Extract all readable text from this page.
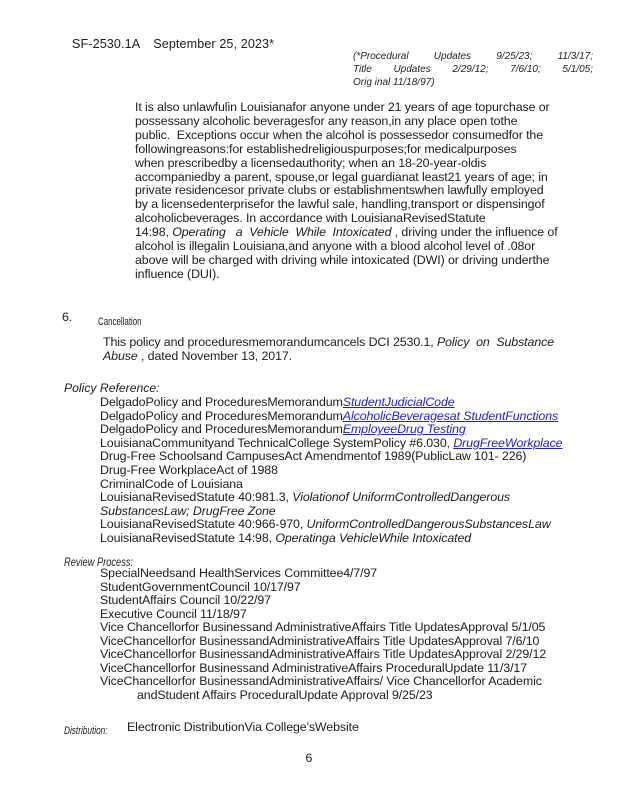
SF-2530.1A September 25, 2023*
(*Procedural Updates 9/25/23; 11/3/17;
Title Updates 2/29/12; 7/6/10; 5/1/05;
Orig inal 11/18/97)
It is also unlawfulin Louisianafor anyone under 21 years of age topurchase or
possessany alcoholic beveragesfor any reason,in any place open tothe
public.  Exceptions occur when the alcohol is possessedor consumedfor the
followingreasons:for establishedreligiouspurposes;for medicalpurposes
when prescribedby a licensedauthority; when an 18-20-year-oldis
accompaniedby a parent, spouse,or legal guardianat least21 years of age; in
private residencesor private clubs or establishmentswhen lawfully employed
by a licensedenterprisefor the lawful sale, handling,transport or dispensingof
alcoholicbeverages. In accordance with LouisianaRevisedStatute
14:98, Operating   a  Vehicle  While  Intoxicated , driving under the influence of
alcohol is illegalin Louisiana,and anyone with a blood alcohol level of .08or
above will be charged with driving while intoxicated (DWI) or driving underthe
influence (DUI).
6. Cancellation
This policy and proceduresmemorandumcancels DCI 2530.1, Policy  on  Substance
Abuse , dated November 13, 2017.
Policy Reference:
DelgadoPolicy and ProceduresMemorandumStudentJudicialCode
DelgadoPolicy and ProceduresMemorandumAlcoholicBeveragesat StudentFunctions
DelgadoPolicy and ProceduresMemorandumEmployeeDrug Testing
LouisianaCommunityand TechnicalCollege SystemPolicy #6.030, DrugFreeWorkplace
Drug-Free Schoolsand CampusesAct Amendmentof 1989(PublicLaw 101- 226)
Drug-Free WorkplaceAct of 1988
CriminalCode of Louisiana
LouisianaRevisedStatute 40:981.3, Violationof UniformControlledDangerous
SubstancesLaw; DrugFree Zone
LouisianaRevisedStatute 40:966-970, UniformControlledDangerousSubstancesLaw
LouisianaRevisedStatute 14:98, Operatinga VehicleWhile Intoxicated
Review Process:
SpecialNeedsand HealthServices Committee4/7/97
StudentGovernmentCouncil 10/17/97
StudentAffairs Council 10/22/97
Executive Council 11/18/97
Vice Chancellorfor Businessand AdministrativeAffairs Title UpdatesApproval 5/1/05
ViceChancellorfor BusinessandAdministrativeAffairs Title UpdatesApproval 7/6/10
ViceChancellorfor BusinessandAdministrativeAffairs Title UpdatesApproval 2/29/12
ViceChancellorfor Businessand AdministrativeAffairs ProceduralUpdate 11/3/17
ViceChancellorfor BusinessandAdministrativeAffairs/ Vice Chancellorfor Academic
andStudent Affairs ProceduralUpdate Approval 9/25/23
Distribution:	Electronic DistributionVia College'sWebsite
6
